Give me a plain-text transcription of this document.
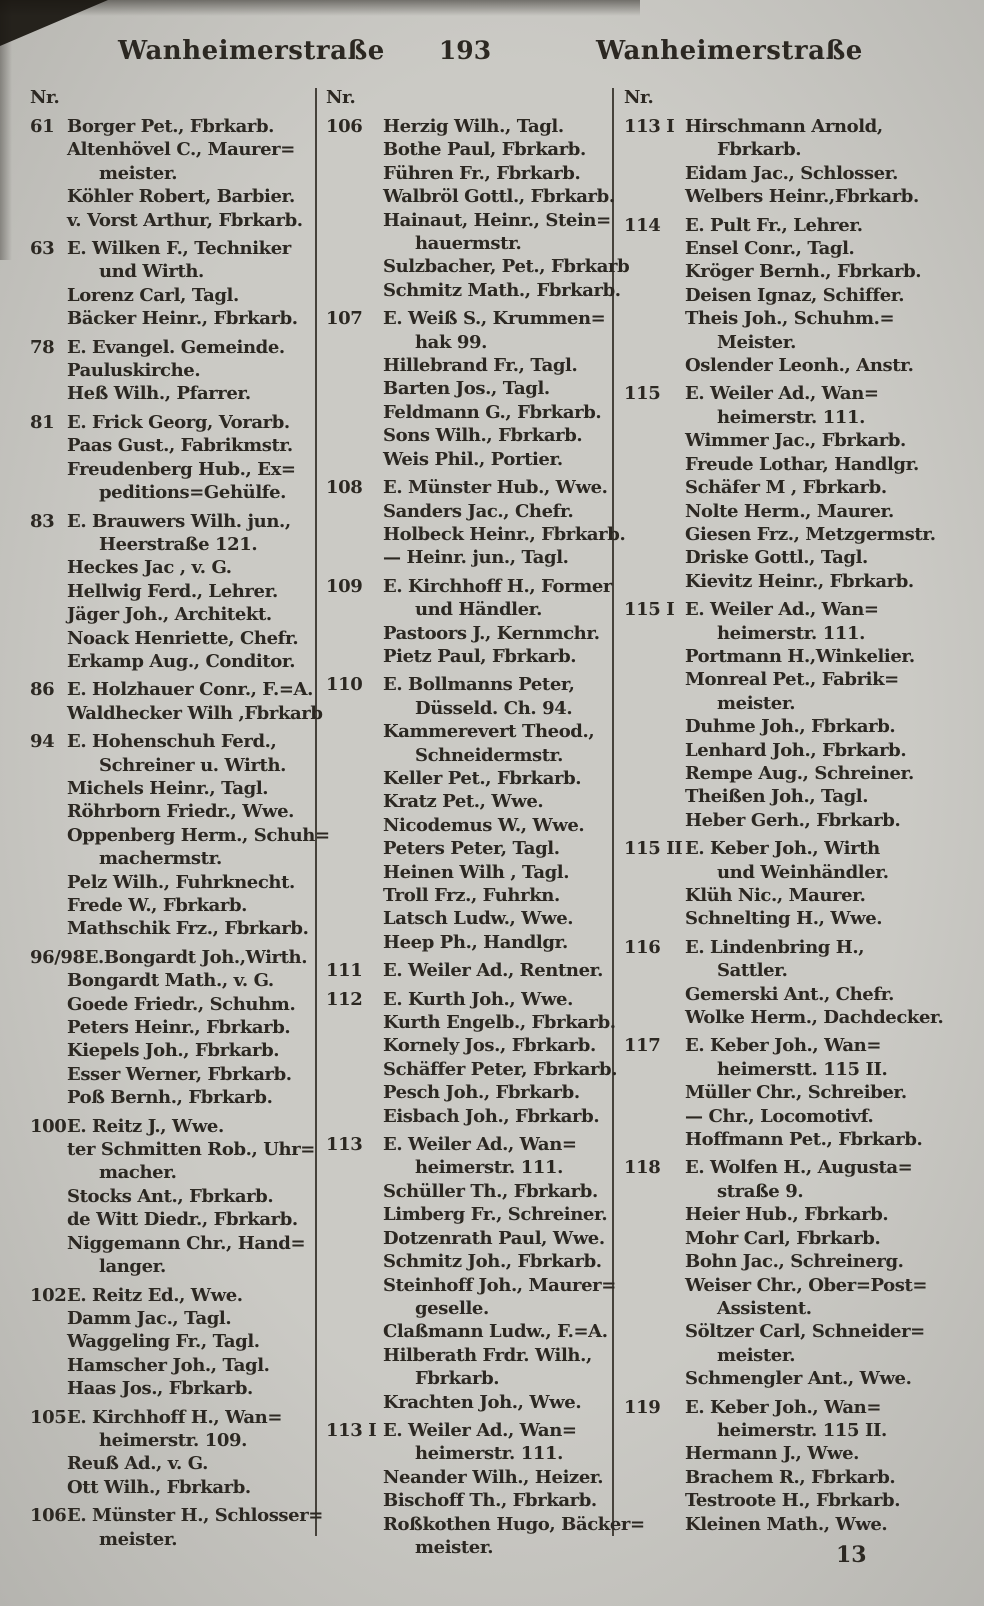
Wanheimerstraße	193	Wanheimerstraße
Nr.
61 Borger Pet., Fbrkarb.
Altenhövel C., Maurer=
meister.
Köhler Robert, Barbier.
v. Vorst Arthur, Fbrkarb.
63 E. Wilken F., Techniker
und Wirth.
Lorenz Carl, Tagl.
Bäcker Heinr., Fbrkarb.
78 E. Evangel. Gemeinde.
Pauluskirche.
Heß Wilh., Pfarrer.
81 E. Frick Georg, Vorarb.
Paas Gust., Fabrikmstr.
Freudenberg Hub., Ex=
peditions=Gehülfe.
83 E. Brauwers Wilh. jun.,
Heerstraße 121.
Heckes Jac , v. G.
Hellwig Ferd., Lehrer.
Jäger Joh., Architekt.
Noack Henriette, Chefr.
Erkamp Aug., Conditor.
86 E. Holzhauer Conr., F.=A.
Waldhecker Wilh ,Fbrkarb
94 E. Hohenschuh Ferd.,
Schreiner u. Wirth.
Michels Heinr., Tagl.
Röhrborn Friedr., Wwe.
Oppenberg Herm., Schuh=
machermstr.
Pelz Wilh., Fuhrknecht.
Frede W., Fbrkarb.
Mathschik Frz., Fbrkarb.
96/98 E.Bongardt Joh.,Wirth.
Bongardt Math., v. G.
Goede Friedr., Schuhm.
Peters Heinr., Fbrkarb.
Kiepels Joh., Fbrkarb.
Esser Werner, Fbrkarb.
Poß Bernh., Fbrkarb.
100 E. Reitz J., Wwe.
ter Schmitten Rob., Uhr=
macher.
Stocks Ant., Fbrkarb.
de Witt Diedr., Fbrkarb.
Niggemann Chr., Hand=
langer.
102 E. Reitz Ed., Wwe.
Damm Jac., Tagl.
Waggeling Fr., Tagl.
Hamscher Joh., Tagl.
Haas Jos., Fbrkarb.
105 E. Kirchhoff H., Wan=
heimerstr. 109.
Reuß Ad., v. G.
Ott Wilh., Fbrkarb.
106 E. Münster H., Schlosser=
meister.
Nr.
106	Herzig Wilh., Tagl.
Bothe Paul, Fbrkarb.
Führen Fr., Fbrkarb.
Walbröl Gottl., Fbrkarb.
Hainaut, Heinr., Stein=
hauermstr.
Sulzbacher, Pet., Fbrkarb
Schmitz Math., Fbrkarb.
107	E. Weiß S., Krummen=
hak 99.
Hillebrand Fr., Tagl.
Barten Jos., Tagl.
Feldmann G., Fbrkarb.
Sons Wilh., Fbrkarb.
Weis Phil., Portier.
108	E. Münster Hub., Wwe.
Sanders Jac., Chefr.
Holbeck Heinr., Fbrkarb.
— Heinr. jun., Tagl.
109	E. Kirchhoff H., Former
und Händler.
Pastoors J., Kernmchr.
Pietz Paul, Fbrkarb.
110	E. Bollmanns Peter,
Düsseld. Ch. 94.
Kammerevert Theod.,
Schneidermstr.
Keller Pet., Fbrkarb.
Kratz Pet., Wwe.
Nicodemus W., Wwe.
Peters Peter, Tagl.
Heinen Wilh , Tagl.
Troll Frz., Fuhrkn.
Latsch Ludw., Wwe.
Heep Ph., Handlgr.
111	E. Weiler Ad., Rentner.
112	E. Kurth Joh., Wwe.
Kurth Engelb., Fbrkarb.
Kornely Jos., Fbrkarb.
Schäffer Peter, Fbrkarb.
Pesch Joh., Fbrkarb.
Eisbach Joh., Fbrkarb.
113	E. Weiler Ad., Wan=
heimerstr. 111.
Schüller Th., Fbrkarb.
Limberg Fr., Schreiner.
Dotzenrath Paul, Wwe.
Schmitz Joh., Fbrkarb.
Steinhoff Joh., Maurer=
geselle.
Claßmann Ludw., F.=A.
Hilberath Frdr. Wilh.,
Fbrkarb.
Krachten Joh., Wwe.
113 I E. Weiler Ad., Wan=
heimerstr. 111.
Neander Wilh., Heizer.
Bischoff Th., Fbrkarb.
Roßkothen Hugo, Bäcker=
meister.
Nr.
113 I Hirschmann Arnold,
Fbrkarb.
Eidam Jac., Schlosser.
Welbers Heinr.,Fbrkarb.
114	E. Pult Fr., Lehrer.
Ensel Conr., Tagl.
Kröger Bernh., Fbrkarb.
Deisen Ignaz, Schiffer.
Theis Joh., Schuhm.=
Meister.
Oslender Leonh., Anstr.
115	E. Weiler Ad., Wan=
heimerstr. 111.
Wimmer Jac., Fbrkarb.
Freude Lothar, Handlgr.
Schäfer M , Fbrkarb.
Nolte Herm., Maurer.
Giesen Frz., Metzgermstr.
Driske Gottl., Tagl.
Kievitz Heinr., Fbrkarb.
115 I E. Weiler Ad., Wan=
heimerstr. 111.
Portmann H.,Winkelier.
Monreal Pet., Fabrik=
meister.
Duhme Joh., Fbrkarb.
Lenhard Joh., Fbrkarb.
Rempe Aug., Schreiner.
Theißen Joh., Tagl.
Heber Gerh., Fbrkarb.
115 II E. Keber Joh., Wirth
und Weinhändler.
Klüh Nic., Maurer.
Schnelting H., Wwe.
116	E. Lindenbring H.,
Sattler.
Gemerski Ant., Chefr.
Wolke Herm., Dachdecker.
117	E. Keber Joh., Wan=
heimerstt. 115 II.
Müller Chr., Schreiber.
— Chr., Locomotivf.
Hoffmann Pet., Fbrkarb.
118	E. Wolfen H., Augusta=
straße 9.
Heier Hub., Fbrkarb.
Mohr Carl, Fbrkarb.
Bohn Jac., Schreinerg.
Weiser Chr., Ober=Post=
Assistent.
Söltzer Carl, Schneider=
meister.
Schmengler Ant., Wwe.
119	E. Keber Joh., Wan=
heimerstr. 115 II.
Hermann J., Wwe.
Brachem R., Fbrkarb.
Testroote H., Fbrkarb.
Kleinen Math., Wwe.
13
